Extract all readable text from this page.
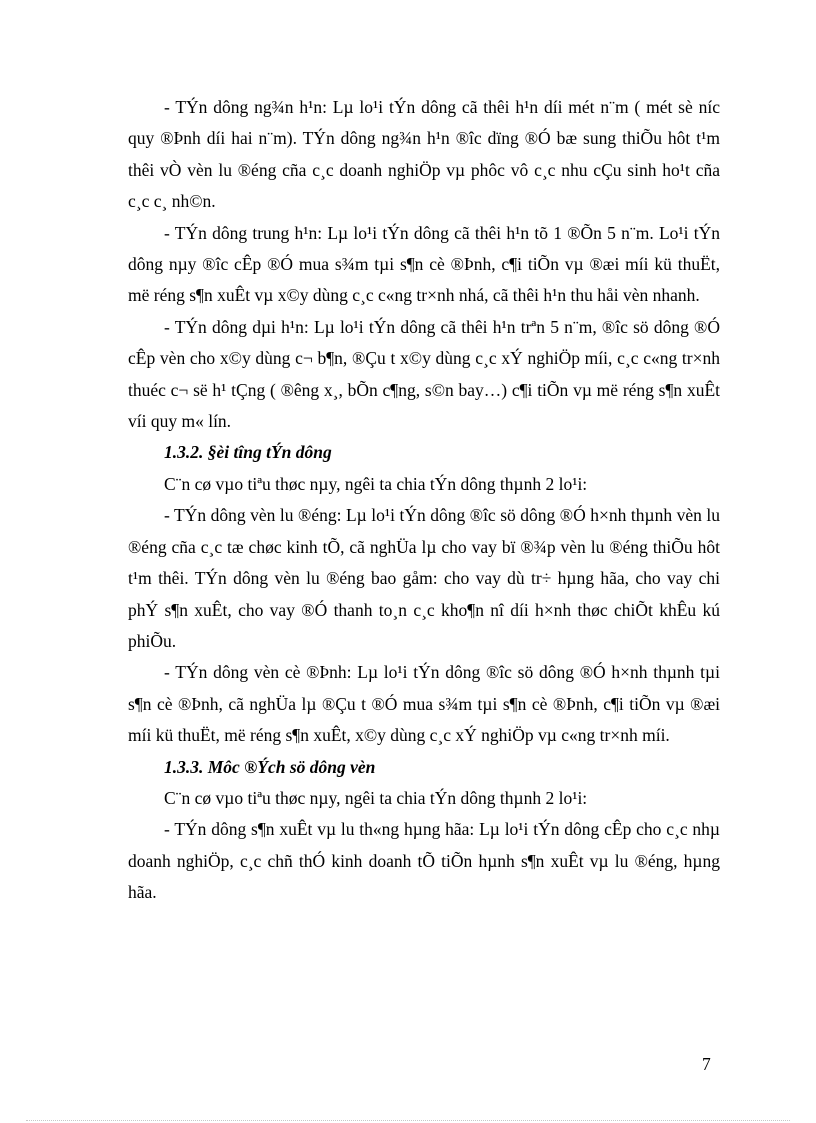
- TÝn dông ng¾n h¹n: Lµ lo¹i tÝn dông cã thêi h¹n díi mét n¨m ( mét sè níc quy ®Þnh díi hai n¨m). TÝn dông ng¾n h¹n ®îc dïng ®Ó bæ sung thiÕu hôt t¹m thêi vÒ vèn lu ®éng cña c¸c doanh nghiÖp vµ phôc vô c¸c nhu cÇu sinh ho¹t cña c¸c c¸ nh©n.

- TÝn dông trung h¹n: Lµ lo¹i tÝn dông cã thêi h¹n tõ 1 ®Õn 5 n¨m. Lo¹i tÝn dông nµy ®îc cÊp ®Ó mua s¾m tµi s¶n cè ®Þnh, c¶i tiÕn vµ ®æi míi kü thuËt, më réng s¶n xuÊt vµ x©y dùng c¸c c«ng tr×nh nhá, cã thêi h¹n thu håi vèn nhanh.

- TÝn dông dµi h¹n: Lµ lo¹i tÝn dông cã thêi h¹n trªn 5 n¨m, ®îc sö dông ®Ó cÊp vèn cho x©y dùng c¬ b¶n, ®Çu t x©y dùng c¸c xÝ nghiÖp míi, c¸c c«ng tr×nh thuéc c¬ së h¹ tÇng ( ®êng x¸, bÕn c¶ng, s©n bay…) c¶i tiÕn vµ më réng s¶n xuÊt víi quy m« lín.

1.3.2. §èi tîng tÝn dông

C¨n cø vµo tiªu thøc nµy, ngêi ta chia tÝn dông thµnh 2 lo¹i:

- TÝn dông vèn lu ®éng: Lµ lo¹i tÝn dông ®îc sö dông ®Ó h×nh thµnh vèn lu ®éng cña c¸c tæ chøc kinh tÕ, cã nghÜa lµ cho vay bï ®¾p vèn lu ®éng thiÕu hôt t¹m thêi. TÝn dông vèn lu ®éng bao gåm: cho vay dù tr÷ hµng hãa, cho vay chi phÝ s¶n xuÊt, cho vay ®Ó thanh to¸n c¸c kho¶n nî díi h×nh thøc chiÕt khÊu kú phiÕu.

- TÝn dông vèn cè ®Þnh: Lµ lo¹i tÝn dông ®îc sö dông ®Ó h×nh thµnh tµi s¶n cè ®Þnh, cã nghÜa lµ ®Çu t ®Ó mua s¾m tµi s¶n cè ®Þnh, c¶i tiÕn vµ ®æi míi kü thuËt, më réng s¶n xuÊt, x©y dùng c¸c xÝ nghiÖp vµ c«ng tr×nh míi.

1.3.3. Môc ®Ých sö dông vèn

C¨n cø vµo tiªu thøc nµy, ngêi ta chia tÝn dông thµnh 2 lo¹i:

- TÝn dông s¶n xuÊt vµ lu th«ng hµng hãa: Lµ lo¹i tÝn dông cÊp cho c¸c nhµ doanh nghiÖp, c¸c chñ thÓ kinh doanh tÕ tiÕn hµnh s¶n xuÊt vµ lu ®éng, hµng hãa.

7
